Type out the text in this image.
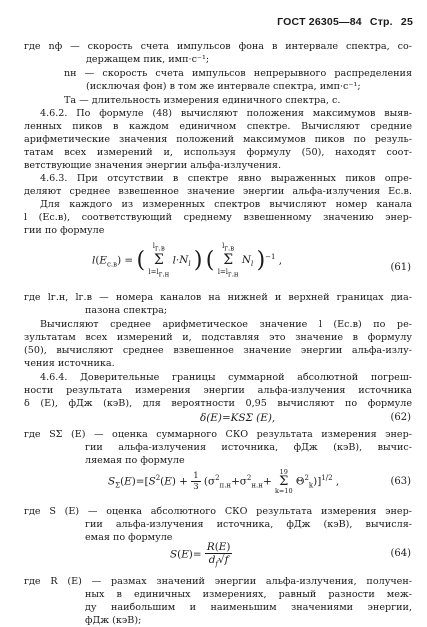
ГОСТ 26305—84 Стр. 25
где nф — скорость счета импульсов фона в интервале спектра, со-
держащем пик, имп·с⁻¹;
nн — скорость счета импульсов непрерывного распределения
(исключая фон) в том же интервале спектра, имп·с⁻¹;
Tа — длительность измерения единичного спектра, с.
4.6.2. По формуле (48) вычисляют положения максимумов выяв-
ленных пиков в каждом единичном спектре. Вычисляют средние
арифметические значения положений максимумов пиков по резуль-
татам всех измерений и, используя формулу (50), находят соот-
ветствующие значения энергии альфа-излучения.
4.6.3. При отсутствии в спектре явно выраженных пиков опре-
деляют среднее взвешенное значение энергии альфа-излучения Ес.в.
Для каждого из измеренных спектров вычисляют номер канала
l (Ес.в), соответствующий среднему взвешенному значению энер-
гии по формуле
$l(E_{с.в})$ = (
$l_{г.в}$
Σ
$l=l_{г.н}$
$l\cdot N_l$ ) (
$l_{г.в}$
Σ
$l=l_{г.н}$
$N_l$ )$^{-1}$ ,
(61)
где lг.н, lг.в — номера каналов на нижней и верхней границах диа-
пазона спектра;
Вычисляют среднее арифметическое значение l (Ес.в) по ре-
зультатам всех измерений и, подставляя это значение в формулу
(50), вычисляют среднее взвешенное значение энергии альфа-излу-
чения источника.
4.6.4. Доверительные границы суммарной абсолютной погреш-
ности результата измерения энергии альфа-излучения источника
δ (Е), фДж (кэВ), для вероятности 0,95 вычисляют по формуле
δ(E)=KSΣ (E),	(62)
где SΣ (Е) — оценка суммарного СКО результата измерения энер-
гии альфа-излучения источника, фДж (кэВ), вычис-
ляемая по формуле
$S_\Sigma(E)=[S^2(E) + \frac{1}{3} (\sigma^2_{п.н}+\sigma^2_{н.н}+$
19
Σ
k=10
$\Theta^2_k)]^{1/2}$ ,	(63)
где S (Е) — оценка абсолютного СКО результата измерения энер-
гии альфа-излучения источника, фДж (кэВ), вычисля-
емая по формуле
$S(E)= \frac{R(E)}{d_f√f}$	(64)
где R (Е) — размах значений энергии альфа-излучения, получен-
ных в единичных измерениях, равный разности меж-
ду наибольшим и наименьшим значениями энергии,
фДж (кэВ);
